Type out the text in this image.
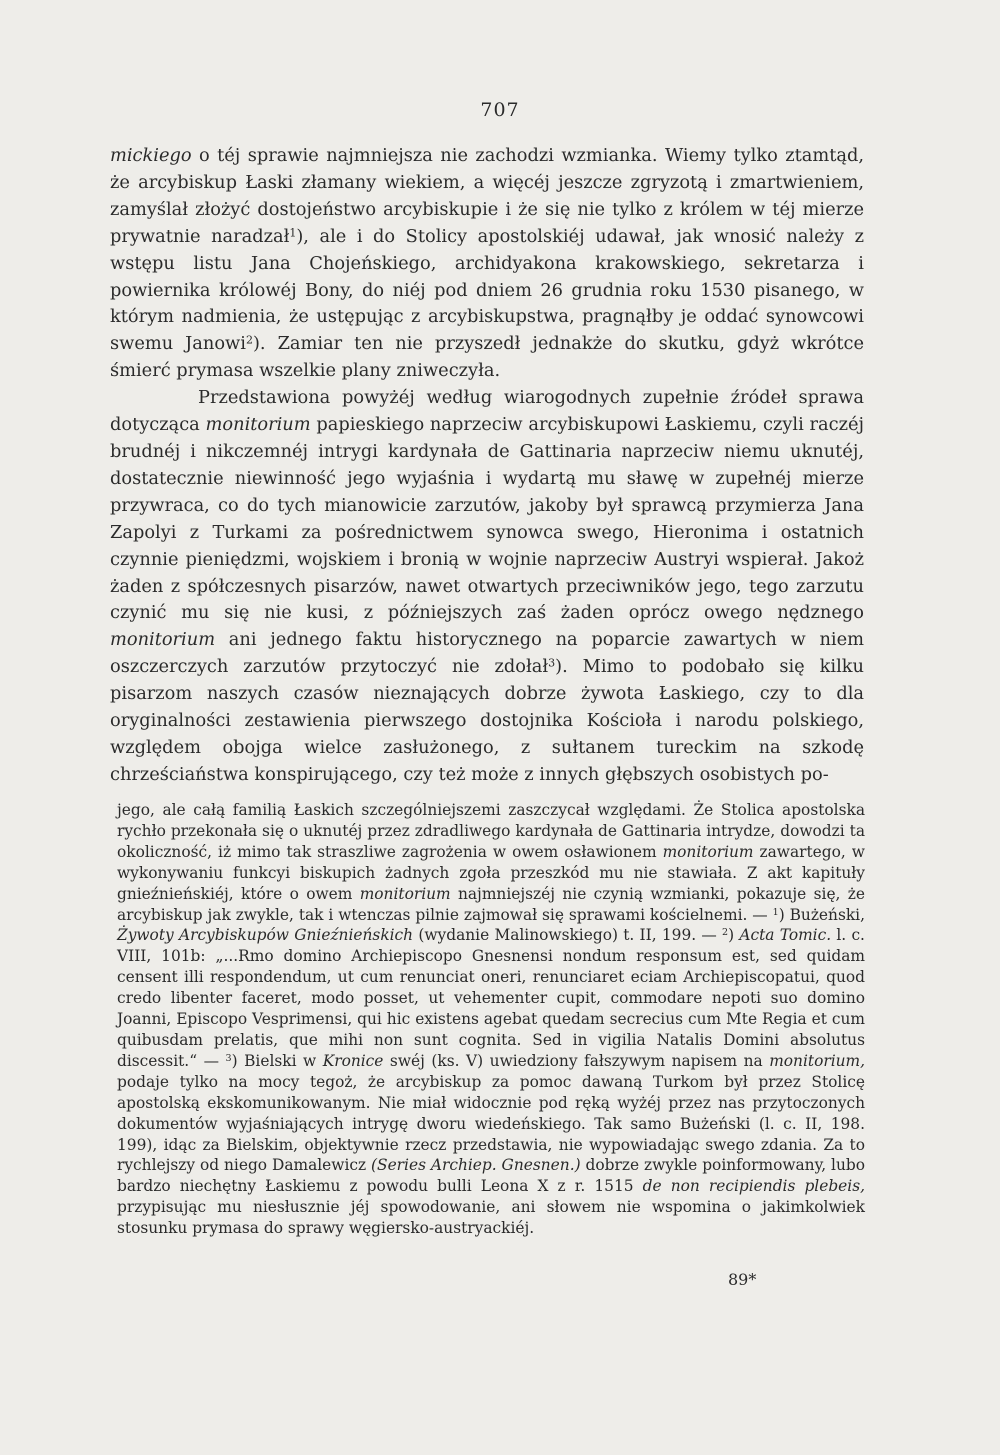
707

mickiego o téj sprawie najmniejsza nie zachodzi wzmianka. Wiemy tylko ztamtąd, że arcybiskup Łaski złamany wiekiem, a więcéj jeszcze zgryzotą i zmartwieniem, zamyślał złożyć dostojeństwo arcybiskupie i że się nie tylko z królem w téj mierze prywatnie naradzał$^1$), ale i do Stolicy apostolskiéj udawał, jak wnosić należy z wstępu listu Jana Chojeńskiego, archidyakona krakowskiego, sekretarza i powiernika królowéj Bony, do niéj pod dniem 26 grudnia roku 1530 pisanego, w którym nadmienia, że ustępując z arcybiskupstwa, pragnąłby je oddać synowcowi swemu Janowi$^2$). Zamiar ten nie przyszedł jednakże do skutku, gdyż wkrótce śmierć prymasa wszelkie plany zniweczyła.

Przedstawiona powyżéj według wiarogodnych zupełnie źródeł sprawa dotycząca monitorium papieskiego naprzeciw arcybiskupowi Łaskiemu, czyli raczéj brudnéj i nikczemnéj intrygi kardynała de Gattinaria naprzeciw niemu uknutéj, dostatecznie niewinność jego wyjaśnia i wydartą mu sławę w zupełnéj mierze przywraca, co do tych mianowicie zarzutów, jakoby był sprawcą przymierza Jana Zapolyi z Turkami za pośrednictwem synowca swego, Hieronima i ostatnich czynnie pieniędzmi, wojskiem i bronią w wojnie naprzeciw Austryi wspierał. Jakoż żaden z spółczesnych pisarzów, nawet otwartych przeciwników jego, tego zarzutu czynić mu się nie kusi, z późniejszych zaś żaden oprócz owego nędznego monitorium ani jednego faktu historycznego na poparcie zawartych w niem oszczerczych zarzutów przytoczyć nie zdołał$^3$). Mimo to podobało się kilku pisarzom naszych czasów nieznających dobrze żywota Łaskiego, czy to dla oryginalności zestawienia pierwszego dostojnika Kościoła i narodu polskiego, względem obojga wielce zasłużonego, z sułtanem tureckim na szkodę chrześciaństwa konspirującego, czy też może z innych głębszych osobistych po-

jego, ale całą familią Łaskich szczególniejszemi zaszczycał względami. Że Stolica apostolska rychło przekonała się o uknutéj przez zdradliwego kardynała de Gattinaria intrydze, dowodzi ta okoliczność, iż mimo tak straszliwe zagrożenia w owem osławionem monitorium zawartego, w wykonywaniu funkcyi biskupich żadnych zgoła przeszkód mu nie stawiała. Z akt kapituły gnieźnieńskiéj, które o owem monitorium najmniejszéj nie czynią wzmianki, pokazuje się, że arcybiskup jak zwykle, tak i wtenczas pilnie zajmował się sprawami kościelnemi. — $^1$) Bużeński, Żywoty Arcybiskupów Gnieźnieńskich (wydanie Malinowskiego) t. II, 199. — $^2$) Acta Tomic. l. c. VIII, 101b: „...Rmo domino Archiepiscopo Gnesnensi nondum responsum est, sed quidam censent illi respondendum, ut cum renunciat oneri, renunciaret eciam Archiepiscopatui, quod credo libenter faceret, modo posset, ut vehementer cupit, commodare nepoti suo domino Joanni, Episcopo Vesprimensi, qui hic existens agebat quedam secrecius cum Mte Regia et cum quibusdam prelatis, que mihi non sunt cognita. Sed in vigilia Natalis Domini absolutus discessit.“ — $^3$) Bielski w Kronice swéj (ks. V) uwiedziony fałszywym napisem na monitorium, podaje tylko na mocy tegoż, że arcybiskup za pomoc dawaną Turkom był przez Stolicę apostolską ekskomunikowanym. Nie miał widocznie pod ręką wyżéj przez nas przytoczonych dokumentów wyjaśniających intrygę dworu wiedeńskiego. Tak samo Bużeński (l. c. II, 198. 199), idąc za Bielskim, objektywnie rzecz przedstawia, nie wypowiadając swego zdania. Za to rychlejszy od niego Damalewicz (Series Archiep. Gnesnen.) dobrze zwykle poinformowany, lubo bardzo niechętny Łaskiemu z powodu bulli Leona X z r. 1515 de non recipiendis plebeis, przypisując mu niesłusznie jéj spowodowanie, ani słowem nie wspomina o jakimkolwiek stosunku prymasa do sprawy węgiersko-austryackiéj.

89*
